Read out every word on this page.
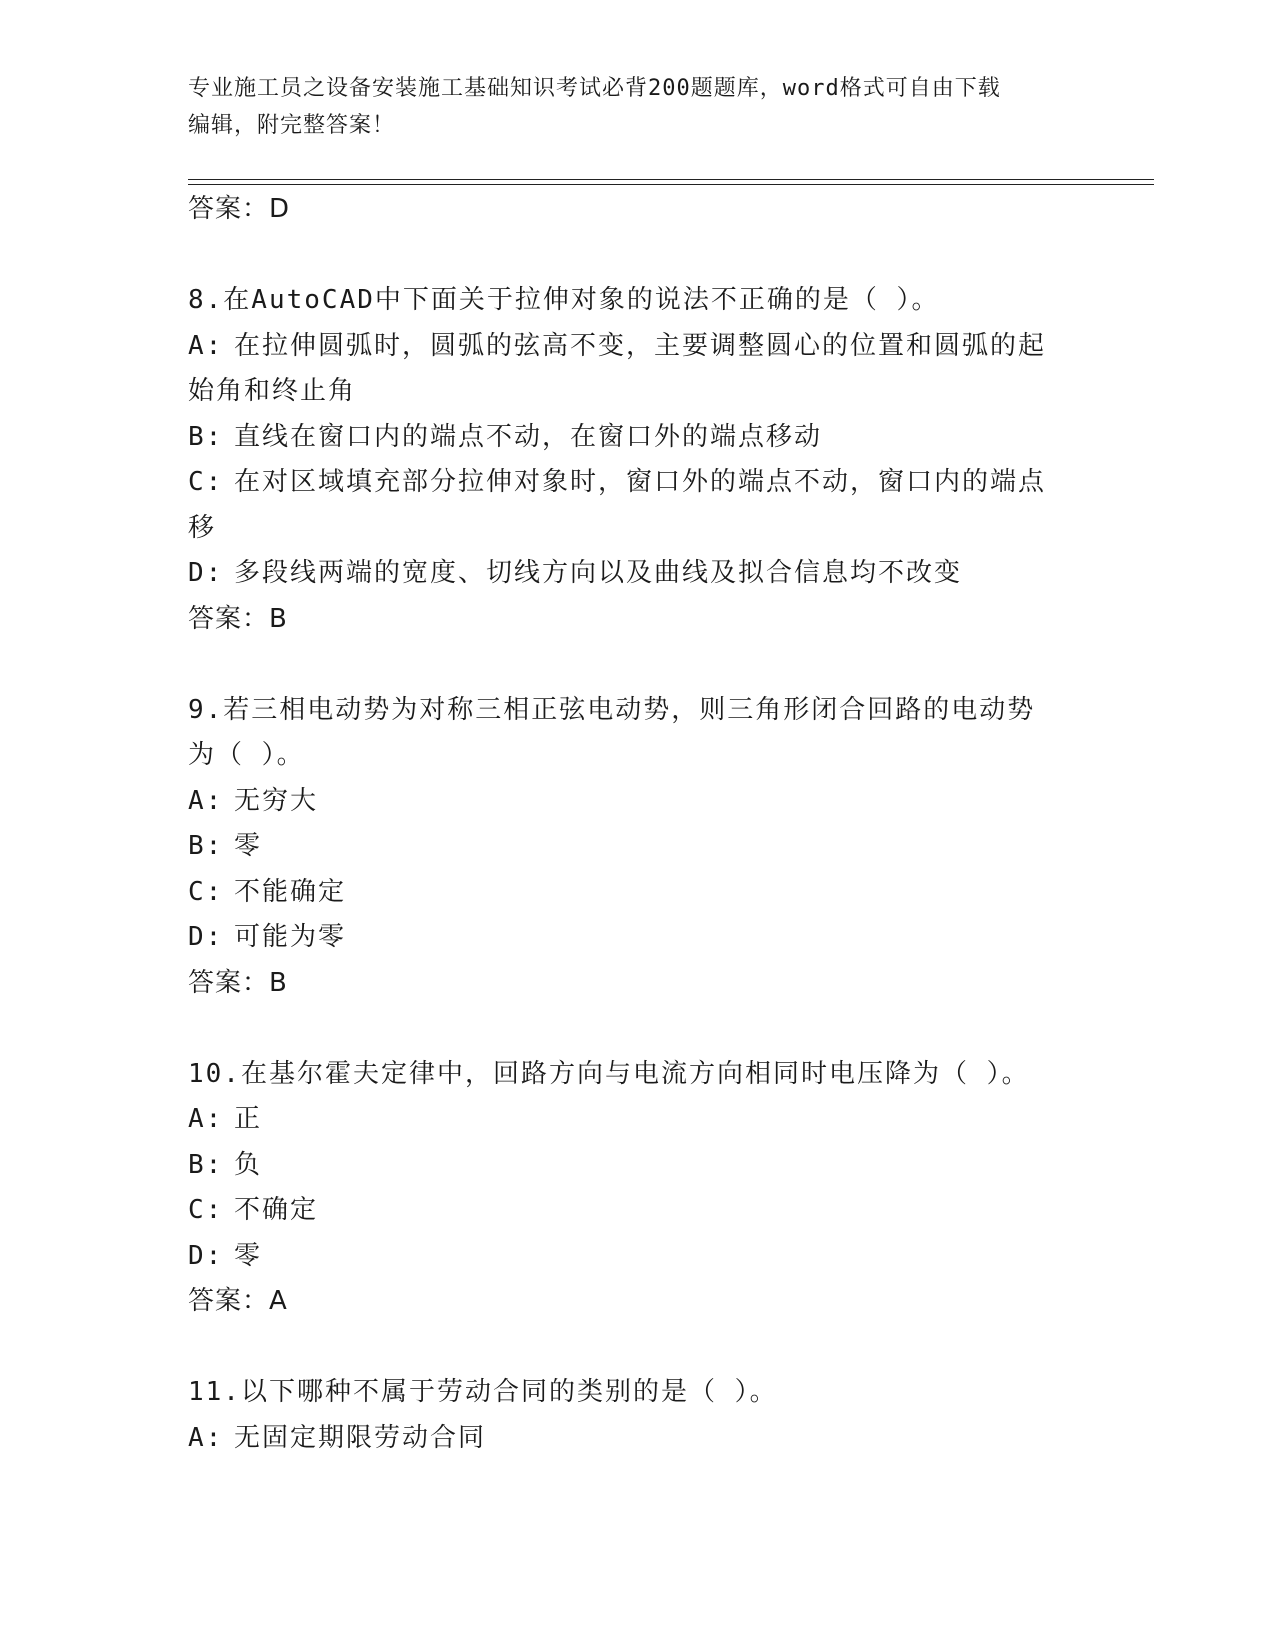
专业施工员之设备安装施工基础知识考试必背200题题库，word格式可自由下载
编辑，附完整答案！
答案：D
8.在AutoCAD中下面关于拉伸对象的说法不正确的是（ ）。
A: 在拉伸圆弧时，圆弧的弦高不变，主要调整圆心的位置和圆弧的起
始角和终止角
B: 直线在窗口内的端点不动，在窗口外的端点移动
C: 在对区域填充部分拉伸对象时，窗口外的端点不动，窗口内的端点
移
D: 多段线两端的宽度、切线方向以及曲线及拟合信息均不改变
答案：B
9.若三相电动势为对称三相正弦电动势，则三角形闭合回路的电动势
为（ ）。
A: 无穷大
B: 零
C: 不能确定
D: 可能为零
答案：B
10.在基尔霍夫定律中，回路方向与电流方向相同时电压降为（ ）。
A: 正
B: 负
C: 不确定
D: 零
答案：A
11.以下哪种不属于劳动合同的类别的是（ ）。
A: 无固定期限劳动合同
